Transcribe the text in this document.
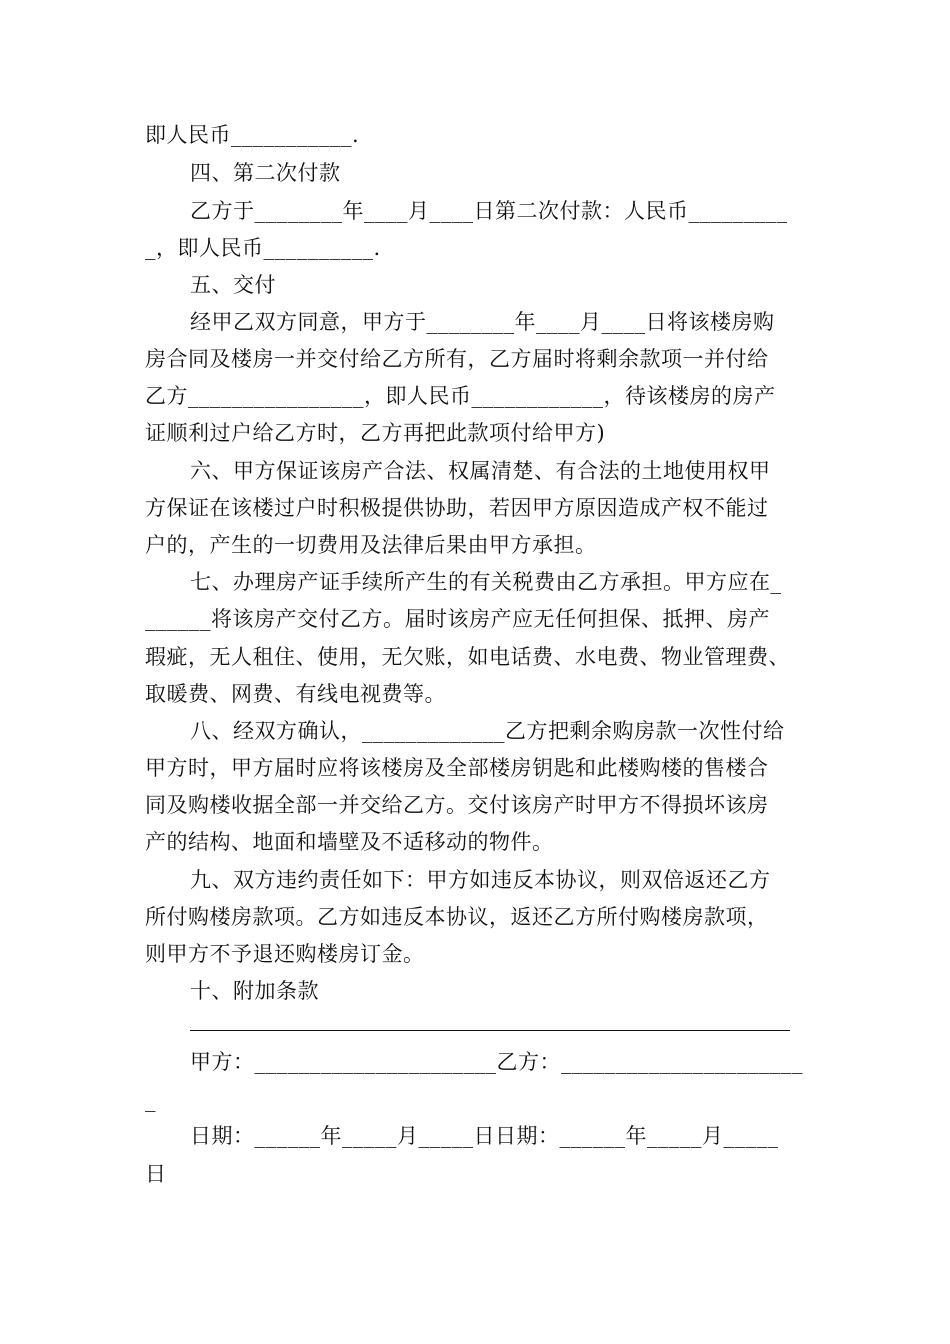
即人民币___________.
四、第二次付款
乙方于________年____月____日第二次付款：人民币_________
_，即人民币__________.
五、交付
经甲乙双方同意，甲方于________年____月____日将该楼房购
房合同及楼房一并交付给乙方所有，乙方届时将剩余款项一并付给
乙方________________，即人民币____________，待该楼房的房产
证顺利过户给乙方时，乙方再把此款项付给甲方)
六、甲方保证该房产合法、权属清楚、有合法的土地使用权甲
方保证在该楼过户时积极提供协助，若因甲方原因造成产权不能过
户的，产生的一切费用及法律后果由甲方承担。
七、办理房产证手续所产生的有关税费由乙方承担。甲方应在_
______将该房产交付乙方。届时该房产应无任何担保、抵押、房产
瑕疵，无人租住、使用，无欠账，如电话费、水电费、物业管理费、
取暖费、网费、有线电视费等。
八、经双方确认，_____________乙方把剩余购房款一次性付给
甲方时，甲方届时应将该楼房及全部楼房钥匙和此楼购楼的售楼合
同及购楼收据全部一并交给乙方。交付该房产时甲方不得损坏该房
产的结构、地面和墙壁及不适移动的物件。
九、双方违约责任如下：甲方如违反本协议，则双倍返还乙方
所付购楼房款项。乙方如违反本协议，返还乙方所付购楼房款项，
则甲方不予退还购楼房订金。
十、附加条款
甲方：______________________乙方：______________________
_
日期：______年_____月_____日日期：______年_____月_____
日
